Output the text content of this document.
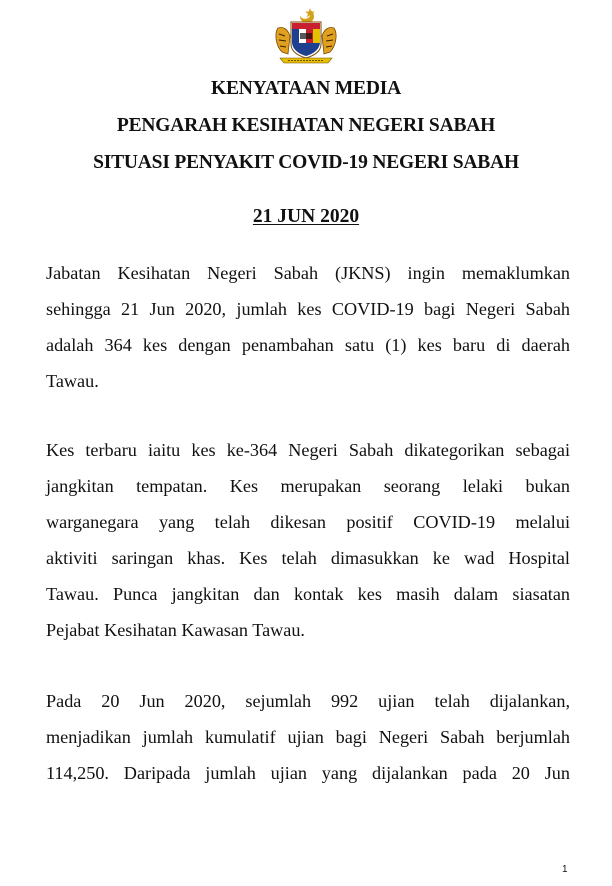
KENYATAAN MEDIA

PENGARAH KESIHATAN NEGERI SABAH

SITUASI PENYAKIT COVID-19 NEGERI SABAH

21 JUN 2020

Jabatan Kesihatan Negeri Sabah (JKNS) ingin memaklumkan
sehingga 21 Jun 2020, jumlah kes COVID-19 bagi Negeri Sabah
adalah 364 kes dengan penambahan satu (1) kes baru di daerah
Tawau.
Kes terbaru iaitu kes ke-364 Negeri Sabah dikategorikan sebagai
jangkitan tempatan. Kes merupakan seorang lelaki bukan
warganegara yang telah dikesan positif COVID-19 melalui
aktiviti saringan khas. Kes telah dimasukkan ke wad Hospital
Tawau. Punca jangkitan dan kontak kes masih dalam siasatan
Pejabat Kesihatan Kawasan Tawau.
Pada 20 Jun 2020, sejumlah 992 ujian telah dijalankan,
menjadikan jumlah kumulatif ujian bagi Negeri Sabah berjumlah
114,250. Daripada jumlah ujian yang dijalankan pada 20 Jun
1
